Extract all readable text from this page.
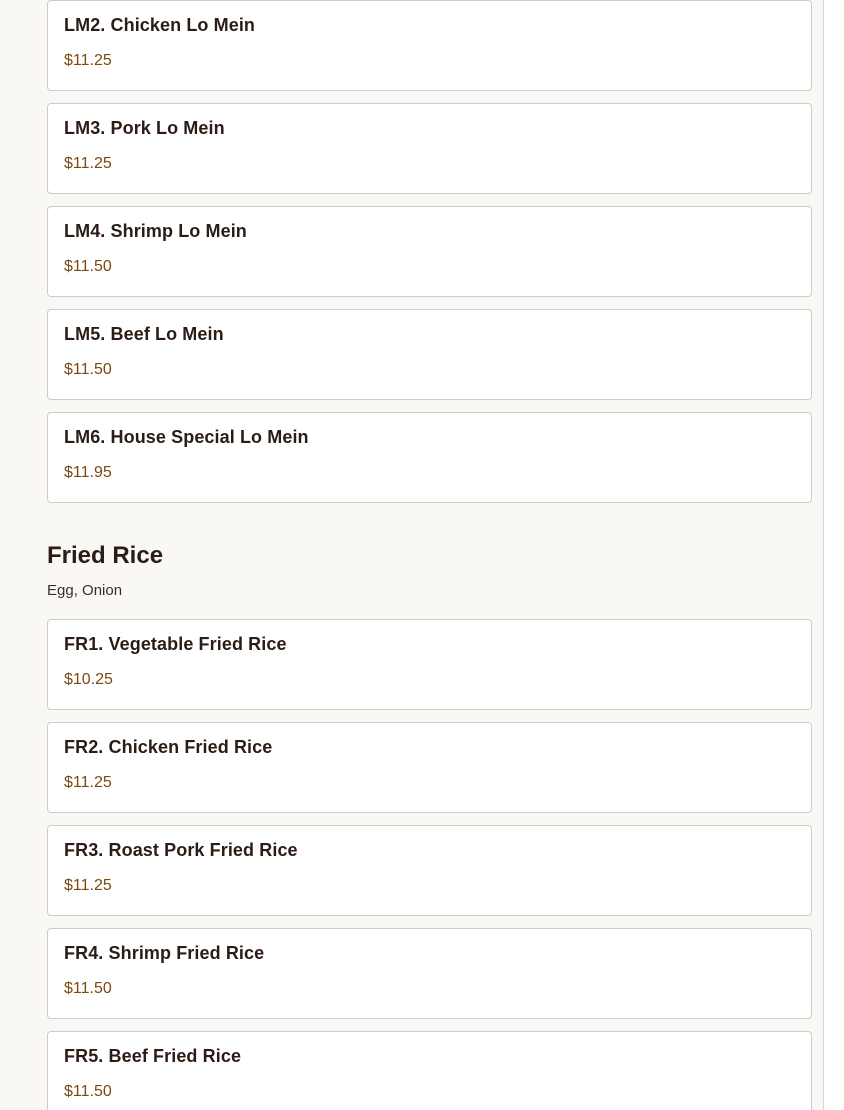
LM2. Chicken Lo Mein
$11.25
LM3. Pork Lo Mein
$11.25
LM4. Shrimp Lo Mein
$11.50
LM5. Beef Lo Mein
$11.50
LM6. House Special Lo Mein
$11.95
Fried Rice
Egg, Onion
FR1. Vegetable Fried Rice
$10.25
FR2. Chicken Fried Rice
$11.25
FR3. Roast Pork Fried Rice
$11.25
FR4. Shrimp Fried Rice
$11.50
FR5. Beef Fried Rice
$11.50
